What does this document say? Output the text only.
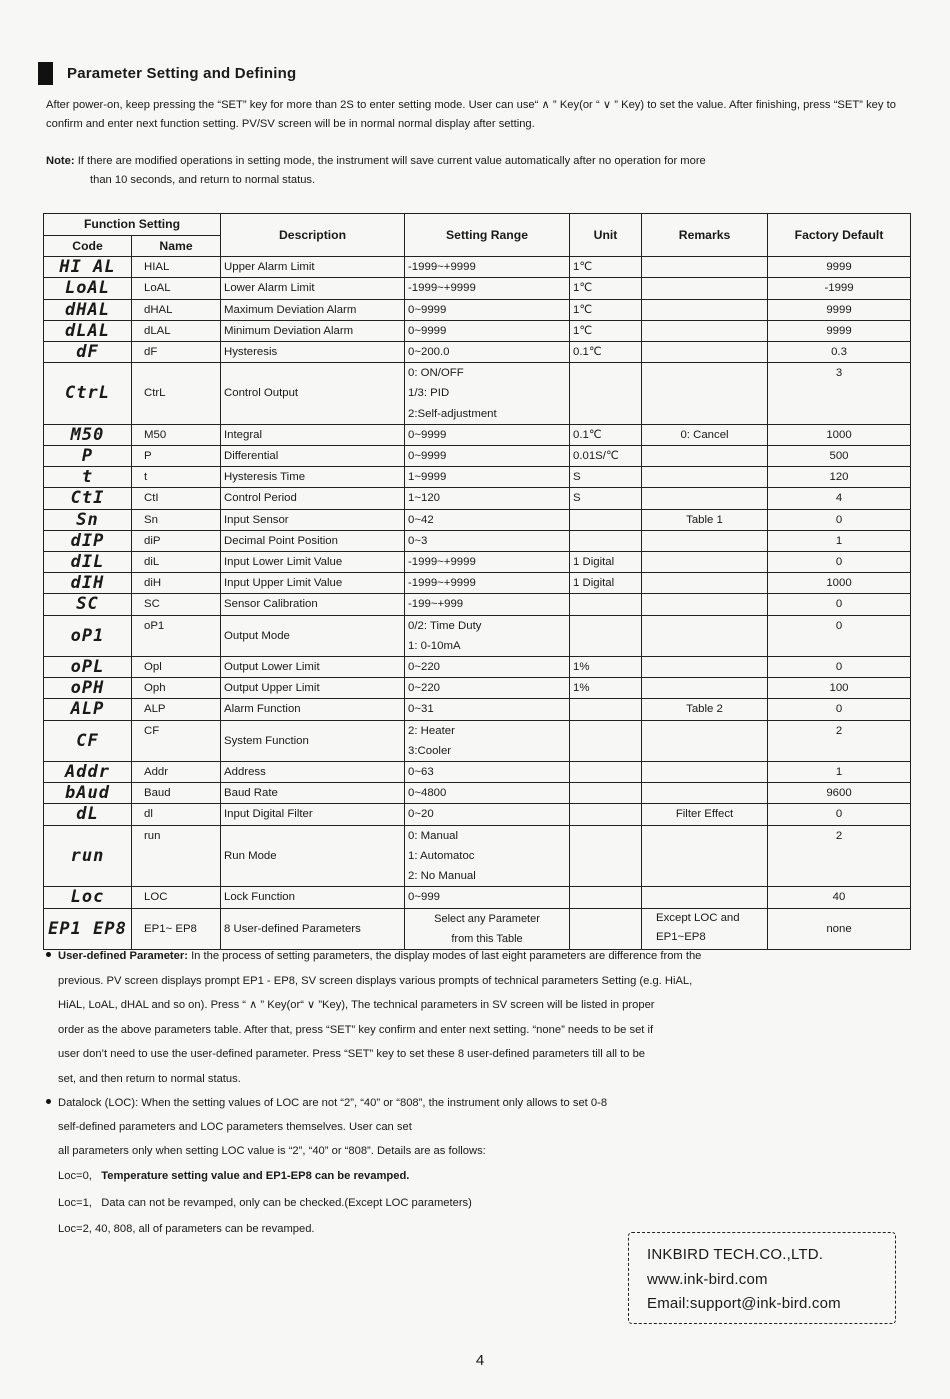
Parameter Setting and Defining
After power-on, keep pressing the “SET” key for more than 2S to enter setting mode. User can use“ ∧ ” Key(or “ ∨ ” Key) to set the value. After finishing, press “SET” key to confirm and enter next function setting. PV/SV screen will be in normal normal display after setting.
Note: If there are modified operations in setting mode, the instrument will save current value automatically after no operation for more
than 10 seconds, and return to normal status.
Function Setting		Description	Setting Range	Unit	Remarks	Factory Default
Code	Name					
HI AL	HIAL	Upper Alarm Limit	-1999~+9999	1℃		9999
LoAL	LoAL	Lower Alarm Limit	-1999~+9999	1℃		-1999
dHAL	dHAL	Maximum Deviation Alarm	0~9999	1℃		9999
dLAL	dLAL	Minimum Deviation Alarm	0~9999	1℃		9999
dF	dF	Hysteresis	0~200.0	0.1℃		0.3
CtrL	CtrL	Control Output	0: ON/OFF
1/3: PID
2:Self-adjustment			3
M50	M50	Integral	0~9999	0.1℃	0: Cancel	1000
P	P	Differential	0~9999	0.01S/℃		500
t	t	Hysteresis Time	1~9999	S		120
CtI	CtI	Control Period	1~120	S		4
Sn	Sn	Input Sensor	0~42		Table 1	0
dIP	diP	Decimal Point Position	0~3			1
dIL	diL	Input Lower Limit Value	-1999~+9999	1 Digital		0
dIH	diH	Input Upper Limit Value	-1999~+9999	1 Digital		1000
SC	SC	Sensor Calibration	-199~+999			0
oP1	oP1	Output Mode	0/2: Time Duty
1: 0-10mA			0
oPL	Opl	Output Lower Limit	0~220	1%		0
oPH	Oph	Output Upper Limit	0~220	1%		100
ALP	ALP	Alarm Function	0~31		Table 2	0
CF	CF	System Function	2: Heater
3:Cooler			2
Addr	Addr	Address	0~63			1
bAud	Baud	Baud Rate	0~4800			9600
dL	dl	Input Digital Filter	0~20		Filter Effect	0
run	run	Run Mode	0: Manual
1: Automatoc
2: No Manual			2
Loc	LOC	Lock Function	0~999			40
EP1 EP8	EP1~ EP8	8 User-defined Parameters	Select any Parameter
from this Table		Except LOC and EP1~EP8	none
User-defined Parameter: In the process of setting parameters, the display modes of last eight parameters are difference from the
previous. PV screen displays prompt EP1 - EP8, SV screen displays various prompts of technical parameters Setting (e.g. HiAL,
HiAL, LoAL, dHAL and so on). Press “ ∧ ” Key(or“ ∨ ”Key), The technical parameters in SV screen will be listed in proper
order as the above parameters table. After that, press “SET” key confirm and enter next setting. “none” needs to be set if
user don’t need to use the user-defined parameter. Press “SET” key to set these 8 user-defined parameters till all to be
set, and then return to normal status.
Datalock (LOC): When the setting values of LOC are not “2”, “40” or “808”, the instrument only allows to set 0-8
self-defined parameters and LOC parameters themselves. User can set
all parameters only when setting LOC value is “2”, “40” or “808”. Details are as follows:
Loc=0, Temperature setting value and EP1-EP8 can be revamped.
Loc=1, Data can not be revamped, only can be checked.(Except LOC parameters)
Loc=2, 40, 808, all of parameters can be revamped.
INKBIRD TECH.CO.,LTD.
www.ink-bird.com
Email:support@ink-bird.com
4
